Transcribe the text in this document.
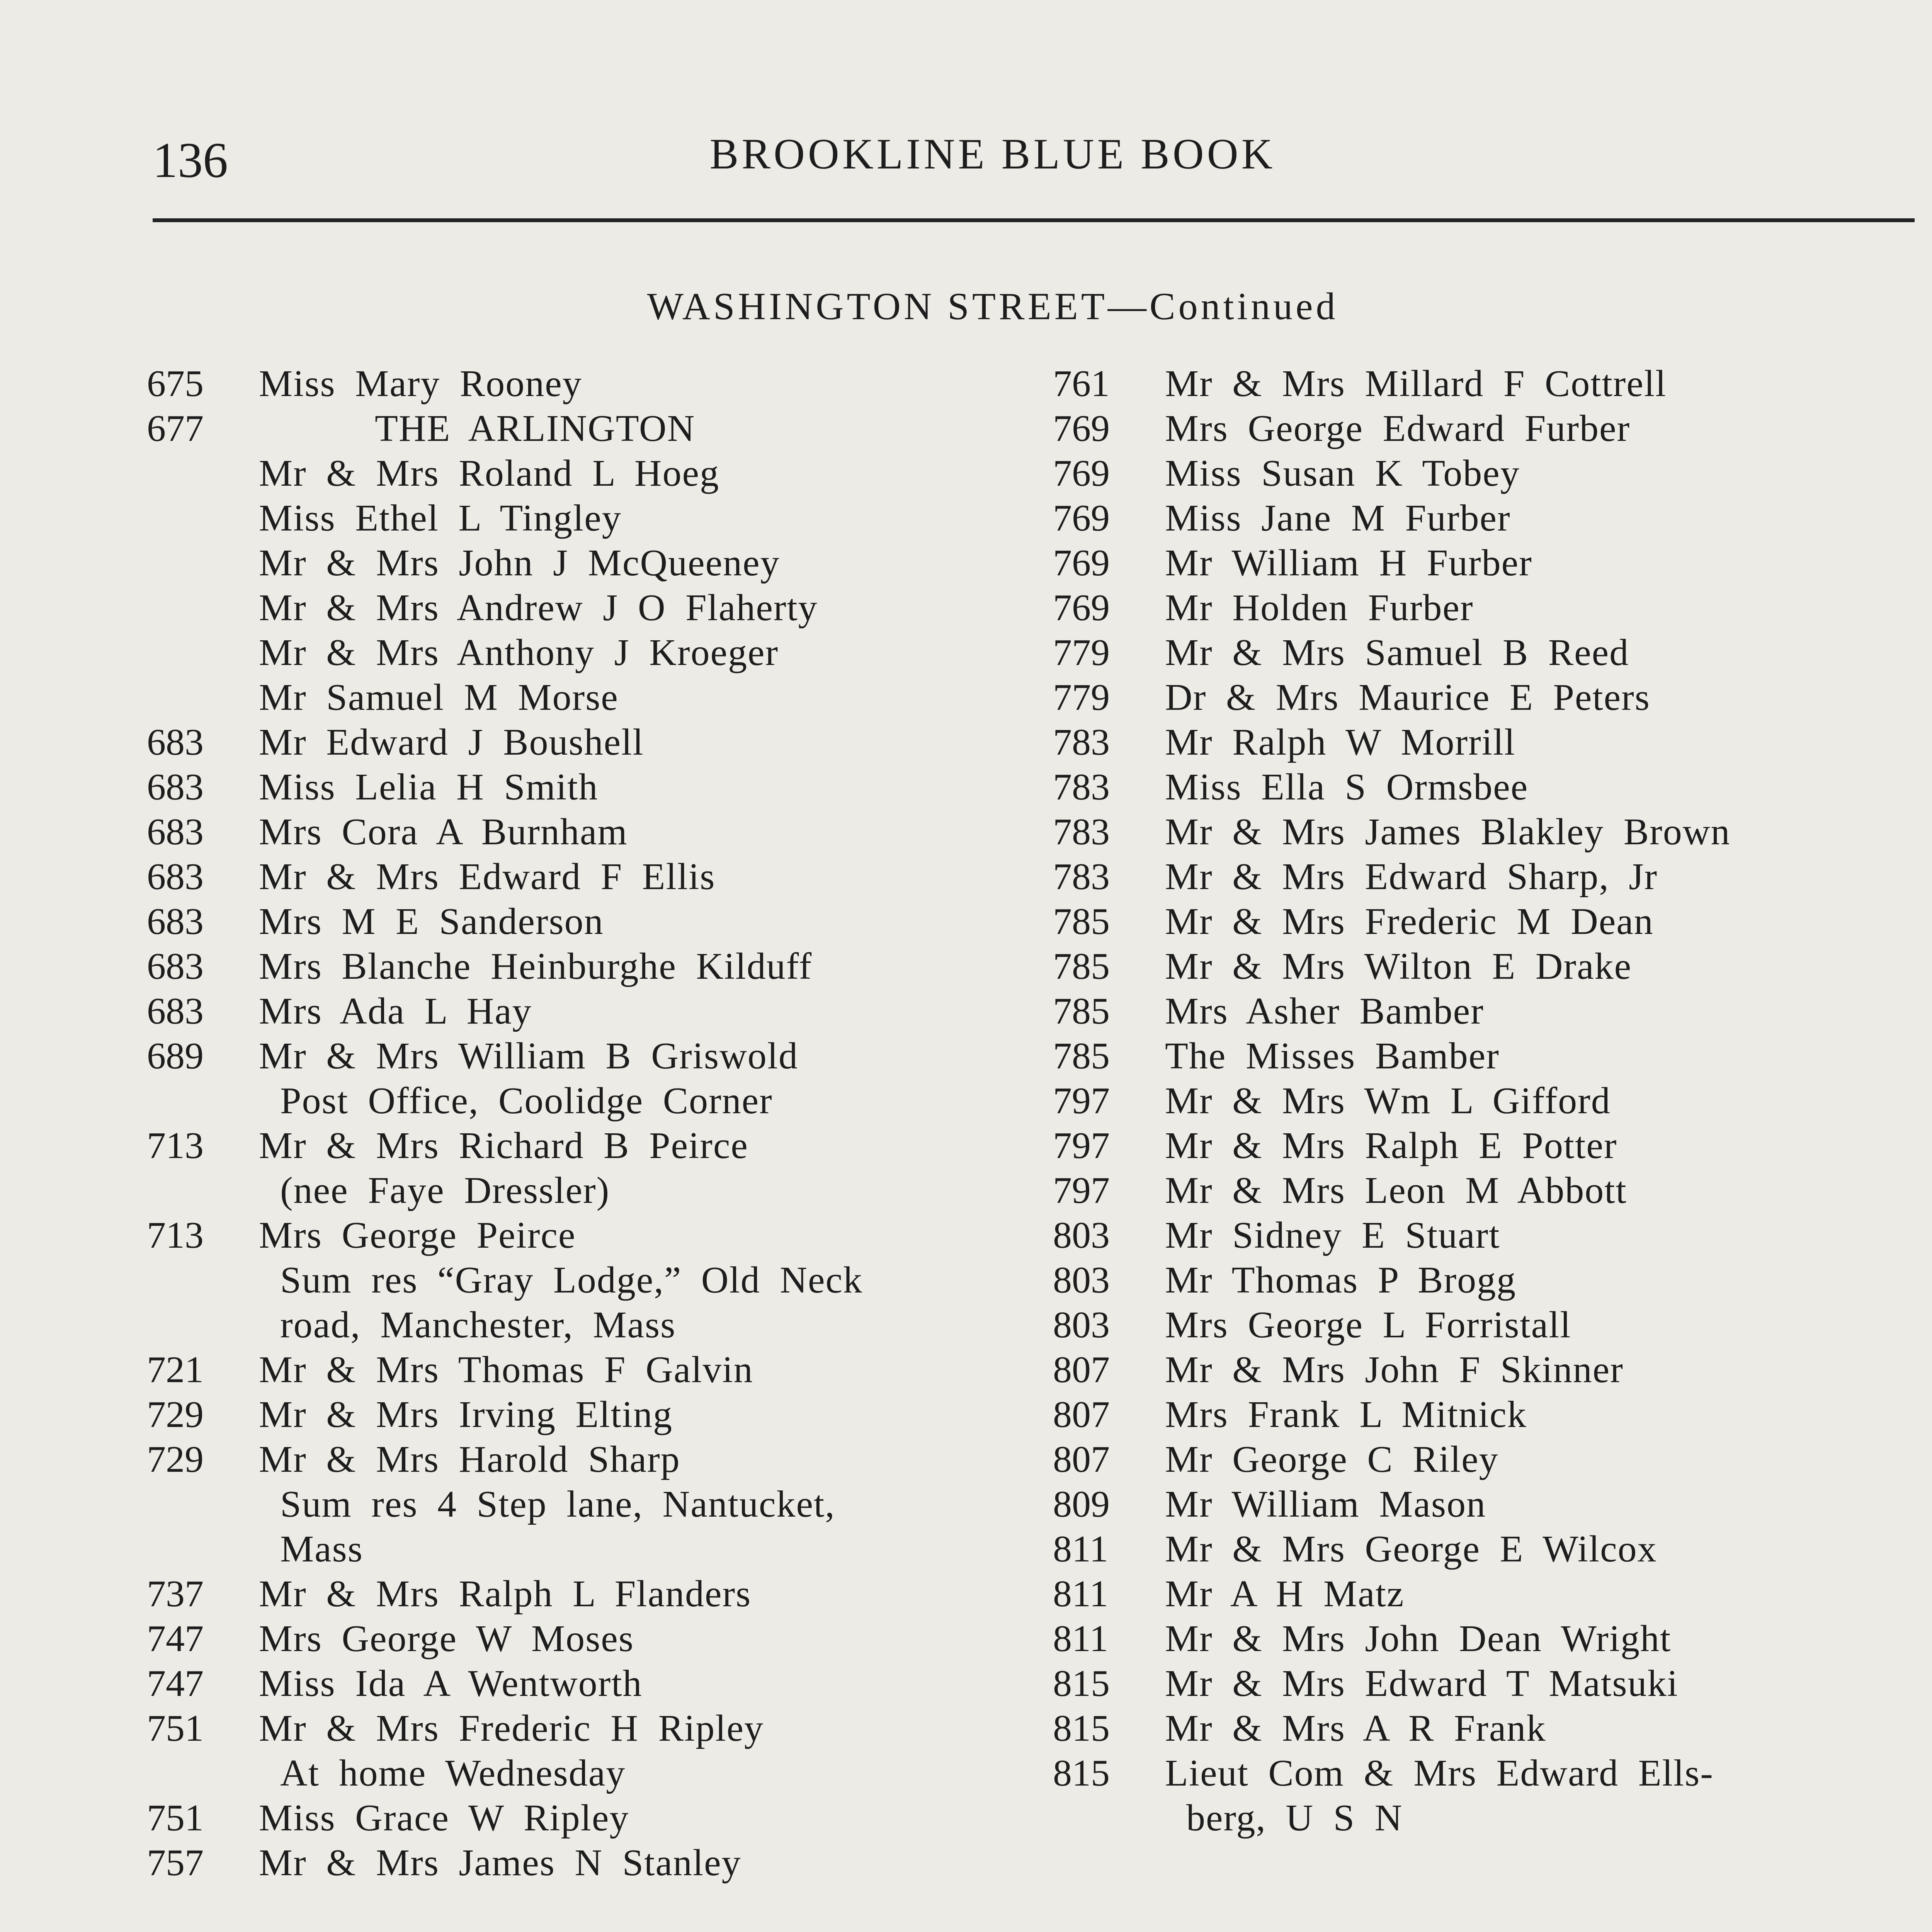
136	BROOKLINE BLUE BOOK
WASHINGTON STREET—Continued
675 Miss Mary Rooney
677	THE ARLINGTON
Mr & Mrs Roland L Hoeg
Miss Ethel L Tingley
Mr & Mrs John J McQueeney
Mr & Mrs Andrew J O Flaherty
Mr & Mrs Anthony J Kroeger
Mr Samuel M Morse
683 Mr Edward J Boushell
683 Miss Lelia H Smith
683 Mrs Cora A Burnham
683 Mr & Mrs Edward F Ellis
683 Mrs M E Sanderson
683 Mrs Blanche Heinburghe Kilduff
683 Mrs Ada L Hay
689 Mr & Mrs William B Griswold
Post Office, Coolidge Corner
713 Mr & Mrs Richard B Peirce
(nee Faye Dressler)
713 Mrs George Peirce
Sum res “Gray Lodge,” Old Neck
road, Manchester, Mass
721 Mr & Mrs Thomas F Galvin
729 Mr & Mrs Irving Elting
729 Mr & Mrs Harold Sharp
Sum res 4 Step lane, Nantucket,
Mass
737 Mr & Mrs Ralph L Flanders
747 Mrs George W Moses
747 Miss Ida A Wentworth
751 Mr & Mrs Frederic H Ripley
At home Wednesday
751 Miss Grace W Ripley
757 Mr & Mrs James N Stanley
761 Mr & Mrs Millard F Cottrell
769 Mrs George Edward Furber
769 Miss Susan K Tobey
769 Miss Jane M Furber
769 Mr William H Furber
769 Mr Holden Furber
779 Mr & Mrs Samuel B Reed
779 Dr & Mrs Maurice E Peters
783 Mr Ralph W Morrill
783 Miss Ella S Ormsbee
783 Mr & Mrs James Blakley Brown
783 Mr & Mrs Edward Sharp, Jr
785 Mr & Mrs Frederic M Dean
785 Mr & Mrs Wilton E Drake
785 Mrs Asher Bamber
785 The Misses Bamber
797 Mr & Mrs Wm L Gifford
797 Mr & Mrs Ralph E Potter
797 Mr & Mrs Leon M Abbott
803 Mr Sidney E Stuart
803 Mr Thomas P Brogg
803 Mrs George L Forristall
807 Mr & Mrs John F Skinner
807 Mrs Frank L Mitnick
807 Mr George C Riley
809 Mr William Mason
811 Mr & Mrs George E Wilcox
811 Mr A H Matz
811 Mr & Mrs John Dean Wright
815 Mr & Mrs Edward T Matsuki
815 Mr & Mrs A R Frank
815 Lieut Com & Mrs Edward Ells-
berg, U S N
